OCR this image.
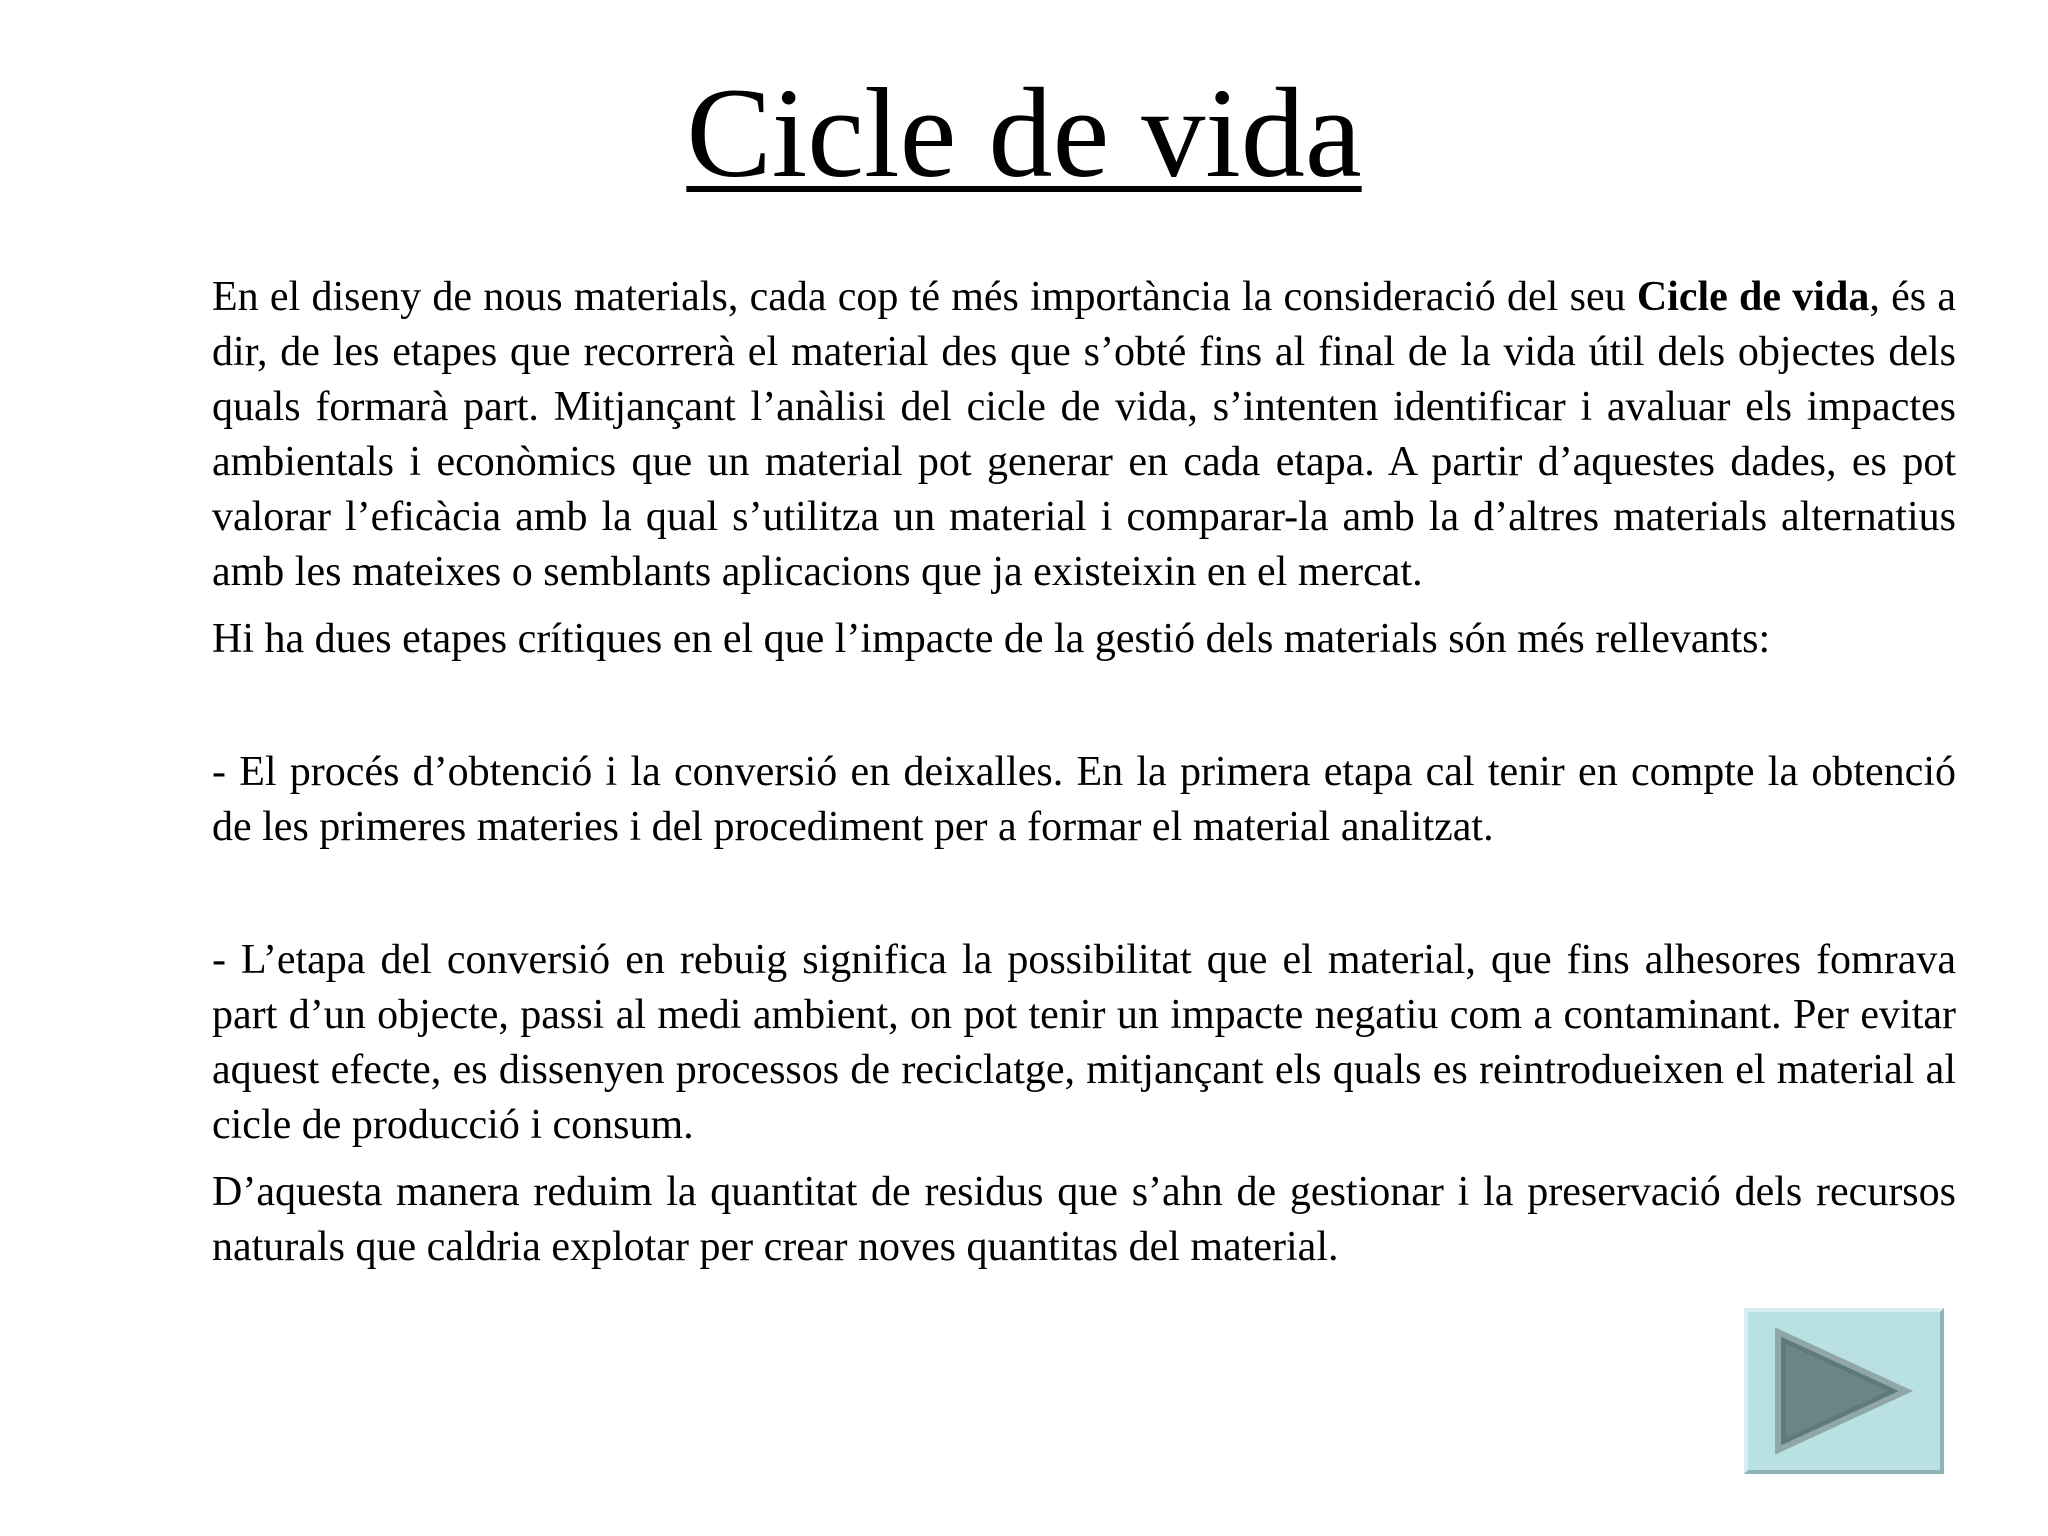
Cicle de vida

En el diseny de nous materials, cada cop té més importància la consideració del seu Cicle de vida, és a dir, de les etapes que recorrerà el material des que s’obté fins al final de la vida útil dels objectes dels quals formarà part. Mitjançant l’anàlisi del cicle de vida, s’intenten identificar i avaluar els impactes ambientals i econòmics que un material pot generar en cada etapa. A partir d’aquestes dades, es pot valorar l’eficàcia amb la qual s’utilitza un material i comparar-la amb la d’altres materials alternatius amb les mateixes o semblants aplicacions que ja existeixin en el mercat.

Hi ha dues etapes crítiques en el que l’impacte de la gestió dels materials són més rellevants:

- El procés d’obtenció i la conversió en deixalles. En la primera etapa cal tenir en compte la obtenció de les primeres materies i del procediment per a formar el material analitzat.

- L’etapa del conversió en rebuig significa la possibilitat que el material, que fins alhesores fomrava part d’un objecte, passi al medi ambient, on pot tenir un impacte negatiu com a contaminant. Per evitar aquest efecte, es dissenyen processos de reciclatge, mitjançant els quals es reintrodueixen el material al cicle de producció i consum.

D’aquesta manera reduim la quantitat de residus que s’ahn de gestionar i la preservació dels recursos naturals que caldria explotar per crear noves quantitas del material.
